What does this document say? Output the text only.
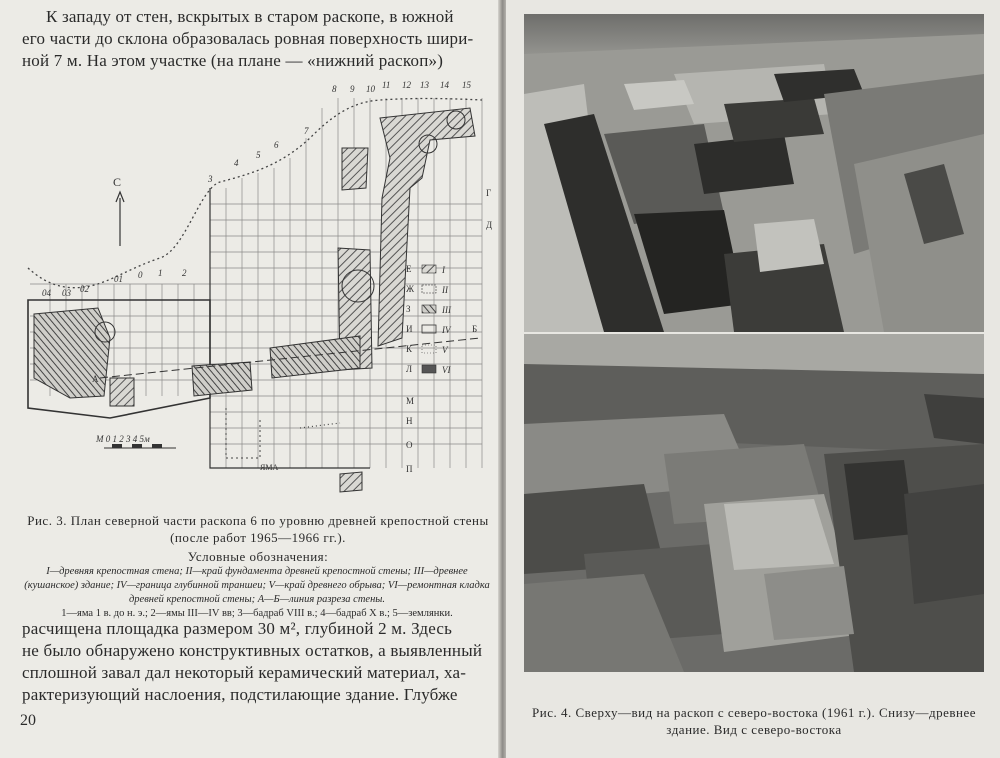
К западу от стен, вскрытых в старом раскопе, в южной

его части до склона образовалась ровная поверхность шири-

ной 7 м. На этом участке (на плане — «нижний раскоп»)

С
8 9 10 11 12 13 14 15
3
4
5
6
7
04 03 02
01 0 1 2
Г
Д
Е
Ж
З
И
К
Л
М
Н
О
П
I
II
III
IV
V
VI
А
Б
М 0 1 2 3 4 5м
ЯМА
Рис. 3. План северной части раскопа 6 по уровню древней крепостной стены (после работ 1965—1966 гг.).
Условные обозначения:
I—древняя крепостная стена; II—край фундамента древней крепостной стены; III—древнее (кушанское) здание; IV—граница глубинной траншеи; V—край древнего обрыва; VI—ремонтная кладка древней крепостной стены; А—Б—линия разреза стены.
1—яма 1 в. до н. э.; 2—ямы III—IV вв; 3—бадраб VIII в.; 4—бадраб X в.; 5—землянки.

расчищена площадка размером 30 м², глубиной 2 м. Здесь

не было обнаружено конструктивных остатков, а выявленный

сплошной завал дал некоторый керамический материал, ха-

рактеризующий наслоения, подстилающие здание. Глубже

20	Рис. 4. Сверху—вид на раскоп с северо-востока (1961 г.). Снизу—древнее здание. Вид с северо-востока
